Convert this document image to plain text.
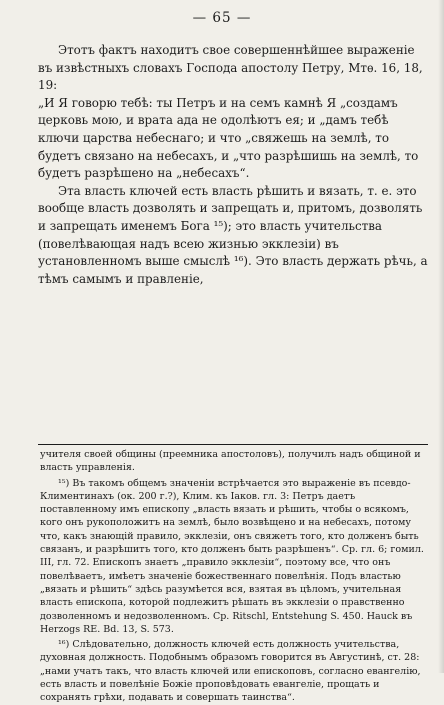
— 65 —

Этотъ фактъ находитъ свое совершеннѣйшее выраженіе въ извѣстныхъ словахъ Господа апостолу Петру, Мтѳ. 16, 18, 19:

„И Я говорю тебѣ: ты Петръ и на семъ камнѣ Я „создамъ церковь мою, и врата ада не одолѣютъ ея; и „дамъ тебѣ ключи царства небеснаго; и что „свяжешь на землѣ, то будетъ связано на небесахъ, и „что разрѣшишь на землѣ, то будетъ разрѣшено на „небесахъ“.

Эта власть ключей есть власть рѣшить и вязать, т. е. это вообще власть дозволять и запрещать и, притомъ, дозволять и запрещать именемъ Бога ¹⁵); это власть учительства (повелѣвающая надъ всею жизнью экклезіи) въ установленномъ выше смыслѣ ¹⁶). Это власть держать рѣчь, а тѣмъ самымъ и правленіе,

учителя своей общины (преемника апостоловъ), получилъ надъ общиной и власть управленія.

¹⁵) Въ такомъ общемъ значеніи встрѣчается это выраженіе въ псевдо-Климентинахъ (ок. 200 г.?), Клим. къ Іаков. гл. 3: Петръ даетъ поставленному имъ епископу „власть вязать и рѣшить, чтобы о всякомъ, кого онъ рукоположитъ на землѣ, было возвѣщено и на небесахъ, потому что, какъ знающій правило, экклезіи, онъ свяжетъ того, кто долженъ быть связанъ, и разрѣшитъ того, кто долженъ быть разрѣшенъ“. Ср. гл. 6; гомил. III, гл. 72. Епископъ знаетъ „правило экклезіи“, поэтому все, что онъ повелѣваетъ, имѣетъ значеніе божественнаго повелѣнія. Подъ властью „вязать и рѣшить“ здѣсь разумѣется вся, взятая въ цѣломъ, учительная власть епископа, которой подлежитъ рѣшать въ экклезіи о правственно дозволенномъ и недозволенномъ. Ср. Ritschl, Entstehung S. 450. Hauck въ Herzogs RE. Bd. 13, S. 573.

¹⁶) Слѣдовательно, должность ключей есть должность учительства, духовная должность. Подобнымъ образомъ говорится въ Августинѣ, ст. 28: „нами учатъ такъ, что власть ключей или епископовъ, согласно евангелію, есть власть и повелѣніе Божіе проповѣдовать евангеліе, прощать и сохранять грѣхи, подавать и совершать таинства“.
